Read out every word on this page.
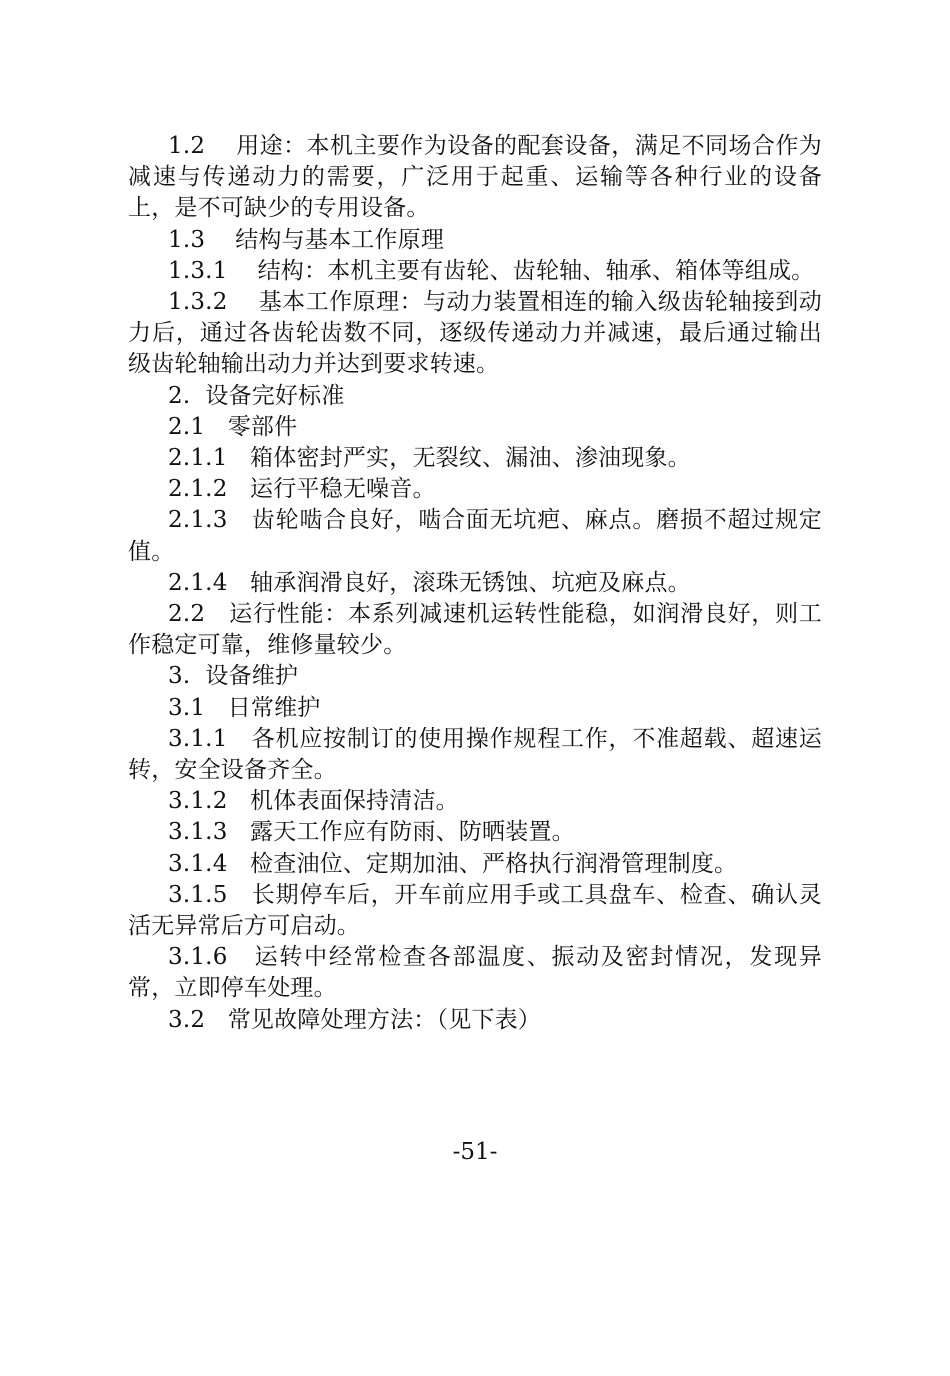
1.2    用途：本机主要作为设备的配套设备，满足不同场合作为减速与传递动力的需要，广泛用于起重、运输等各种行业的设备上，是不可缺少的专用设备。

1.3    结构与基本工作原理

1.3.1    结构：本机主要有齿轮、齿轮轴、轴承、箱体等组成。

1.3.2    基本工作原理：与动力装置相连的输入级齿轮轴接到动力后，通过各齿轮齿数不同，逐级传递动力并减速，最后通过输出级齿轮轴输出动力并达到要求转速。

2.  设备完好标准

2.1   零部件

2.1.1   箱体密封严实，无裂纹、漏油、渗油现象。

2.1.2   运行平稳无噪音。

2.1.3   齿轮啮合良好，啮合面无坑疤、麻点。磨损不超过规定值。

2.1.4   轴承润滑良好，滚珠无锈蚀、坑疤及麻点。

2.2   运行性能：本系列减速机运转性能稳，如润滑良好，则工作稳定可靠，维修量较少。

3.  设备维护

3.1   日常维护

3.1.1   各机应按制订的使用操作规程工作，不准超载、超速运转，安全设备齐全。

3.1.2   机体表面保持清洁。

3.1.3   露天工作应有防雨、防晒装置。

3.1.4   检查油位、定期加油、严格执行润滑管理制度。

3.1.5   长期停车后，开车前应用手或工具盘车、检查、确认灵活无异常后方可启动。

3.1.6   运转中经常检查各部温度、振动及密封情况，发现异常，立即停车处理。

3.2   常见故障处理方法：（见下表）

-51-
